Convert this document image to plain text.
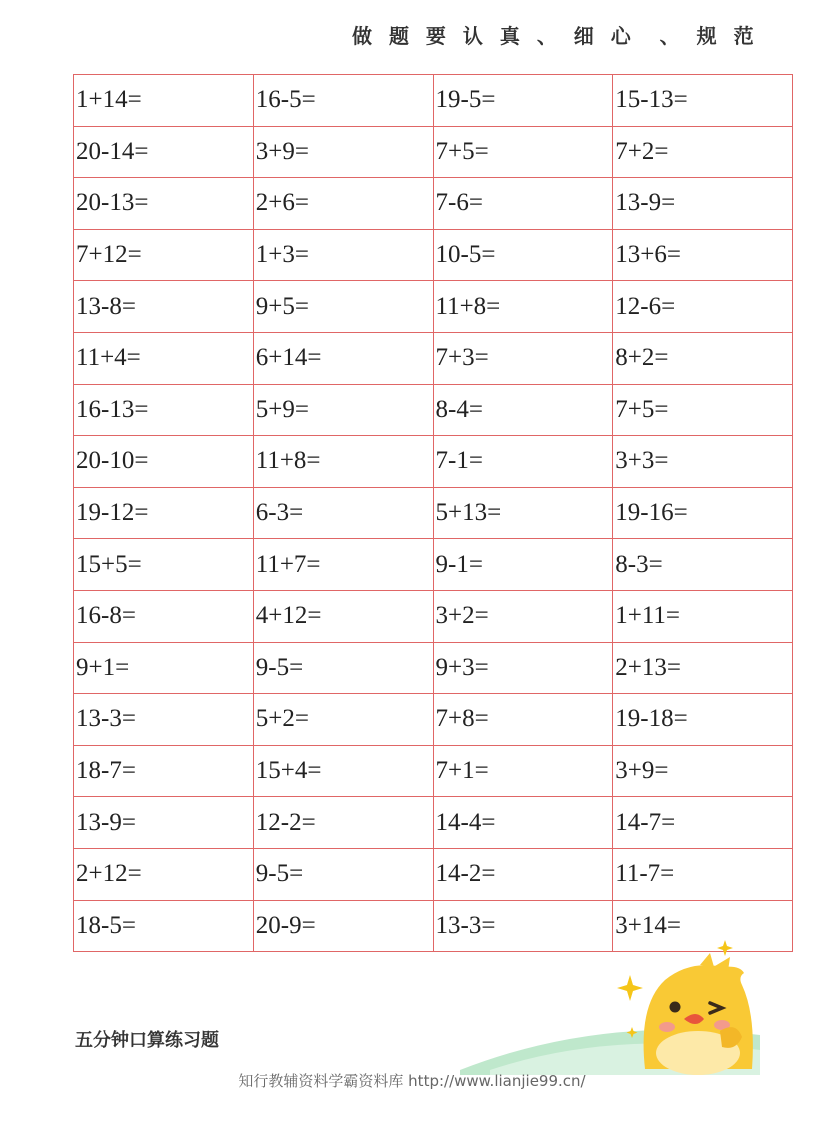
做 题 要 认 真 、 细 心  、 规 范
1+14=	16-5=	19-5=	15-13=
20-14=	3+9=	7+5=	7+2=
20-13=	2+6=	7-6=	13-9=
7+12=	1+3=	10-5=	13+6=
13-8=	9+5=	11+8=	12-6=
11+4=	6+14=	7+3=	8+2=
16-13=	5+9=	8-4=	7+5=
20-10=	11+8=	7-1=	3+3=
19-12=	6-3=	5+13=	19-16=
15+5=	11+7=	9-1=	8-3=
16-8=	4+12=	3+2=	1+11=
9+1=	9-5=	9+3=	2+13=
13-3=	5+2=	7+8=	19-18=
18-7=	15+4=	7+1=	3+9=
13-9=	12-2=	14-4=	14-7=
2+12=	9-5=	14-2=	11-7=
18-5=	20-9=	13-3=	3+14=
五分钟口算练习题
知行教辅资料学霸资料库 http://www.lianjie99.cn/
